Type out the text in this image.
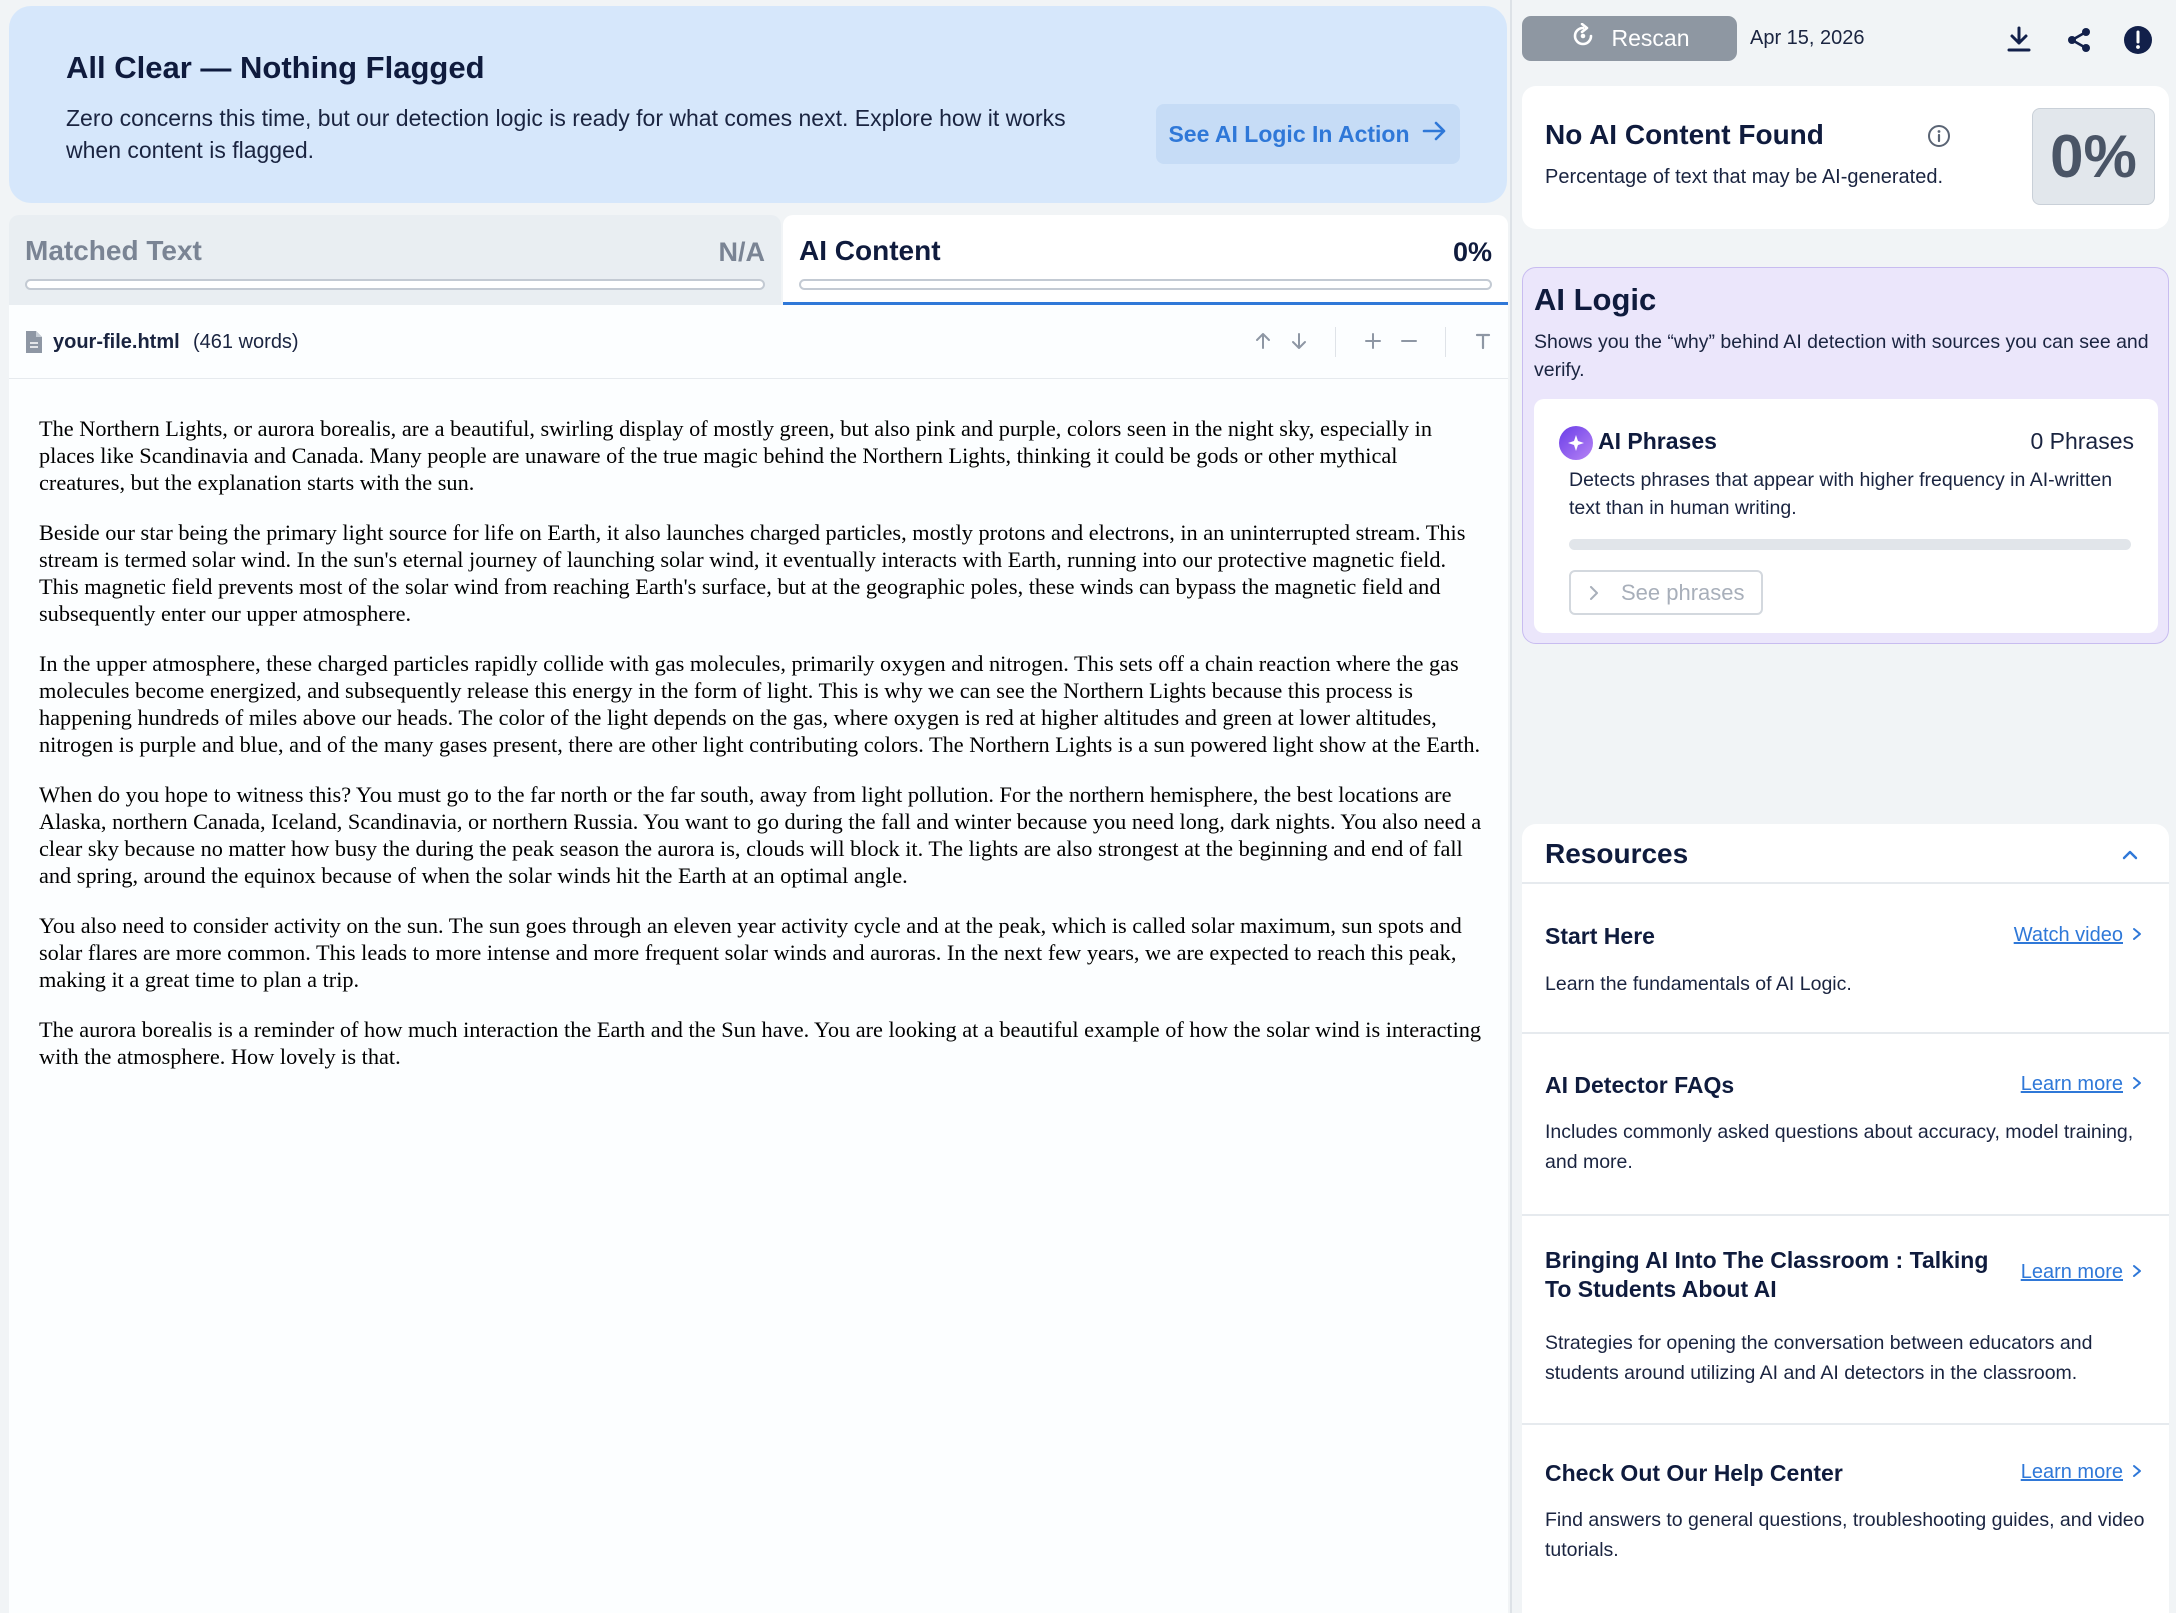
All Clear — Nothing Flagged
Zero concerns this time, but our detection logic is ready for what comes next. Explore how it works when content is flagged.
See AI Logic In Action
Matched Text	N/A AI Content	0%
your-file.html (461 words)

The Northern Lights, or aurora borealis, are a beautiful, swirling display of mostly green, but also pink and purple, colors seen in the night sky, especially in places like Scandinavia and Canada. Many people are unaware of the true magic behind the Northern Lights, thinking it could be gods or other mythical creatures, but the explanation starts with the sun.

Beside our star being the primary light source for life on Earth, it also launches charged particles, mostly protons and electrons, in an uninterrupted stream. This stream is termed solar wind. In the sun's eternal journey of launching solar wind, it eventually interacts with Earth, running into our protective magnetic field. This magnetic field prevents most of the solar wind from reaching Earth's surface, but at the geographic poles, these winds can bypass the magnetic field and subsequently enter our upper atmosphere.

In the upper atmosphere, these charged particles rapidly collide with gas molecules, primarily oxygen and nitrogen. This sets off a chain reaction where the gas molecules become energized, and subsequently release this energy in the form of light. This is why we can see the Northern Lights because this process is happening hundreds of miles above our heads. The color of the light depends on the gas, where oxygen is red at higher altitudes and green at lower altitudes, nitrogen is purple and blue, and of the many gases present, there are other light contributing colors. The Northern Lights is a sun powered light show at the Earth.

When do you hope to witness this? You must go to the far north or the far south, away from light pollution. For the northern hemisphere, the best locations are Alaska, northern Canada, Iceland, Scandinavia, or northern Russia. You want to go during the fall and winter because you need long, dark nights. You also need a clear sky because no matter how busy the during the peak season the aurora is, clouds will block it. The lights are also strongest at the beginning and end of fall and spring, around the equinox because of when the solar winds hit the Earth at an optimal angle.

You also need to consider activity on the sun. The sun goes through an eleven year activity cycle and at the peak, which is called solar maximum, sun spots and solar flares are more common. This leads to more intense and more frequent solar winds and auroras. In the next few years, we are expected to reach this peak, making it a great time to plan a trip.

The aurora borealis is a reminder of how much interaction the Earth and the Sun have. You are looking at a beautiful example of how the solar wind is interacting with the atmosphere. How lovely is that.

Rescan	Apr 15, 2026
No AI Content Found
Percentage of text that may be AI-generated.	0%
AI Logic
Shows you the “why” behind AI detection with sources you can see and verify.
AI Phrases	0 Phrases
Detects phrases that appear with higher frequency in AI-written text than in human writing.
See phrases
Resources
Start Here	Watch video
Learn the fundamentals of AI Logic.
AI Detector FAQs	Learn more
Includes commonly asked questions about accuracy, model training, and more.
Bringing AI Into The Classroom : Talking To Students About AI
Learn more
Strategies for opening the conversation between educators and students around utilizing AI and AI detectors in the classroom.
Check Out Our Help Center	Learn more
Find answers to general questions, troubleshooting guides, and video tutorials.
